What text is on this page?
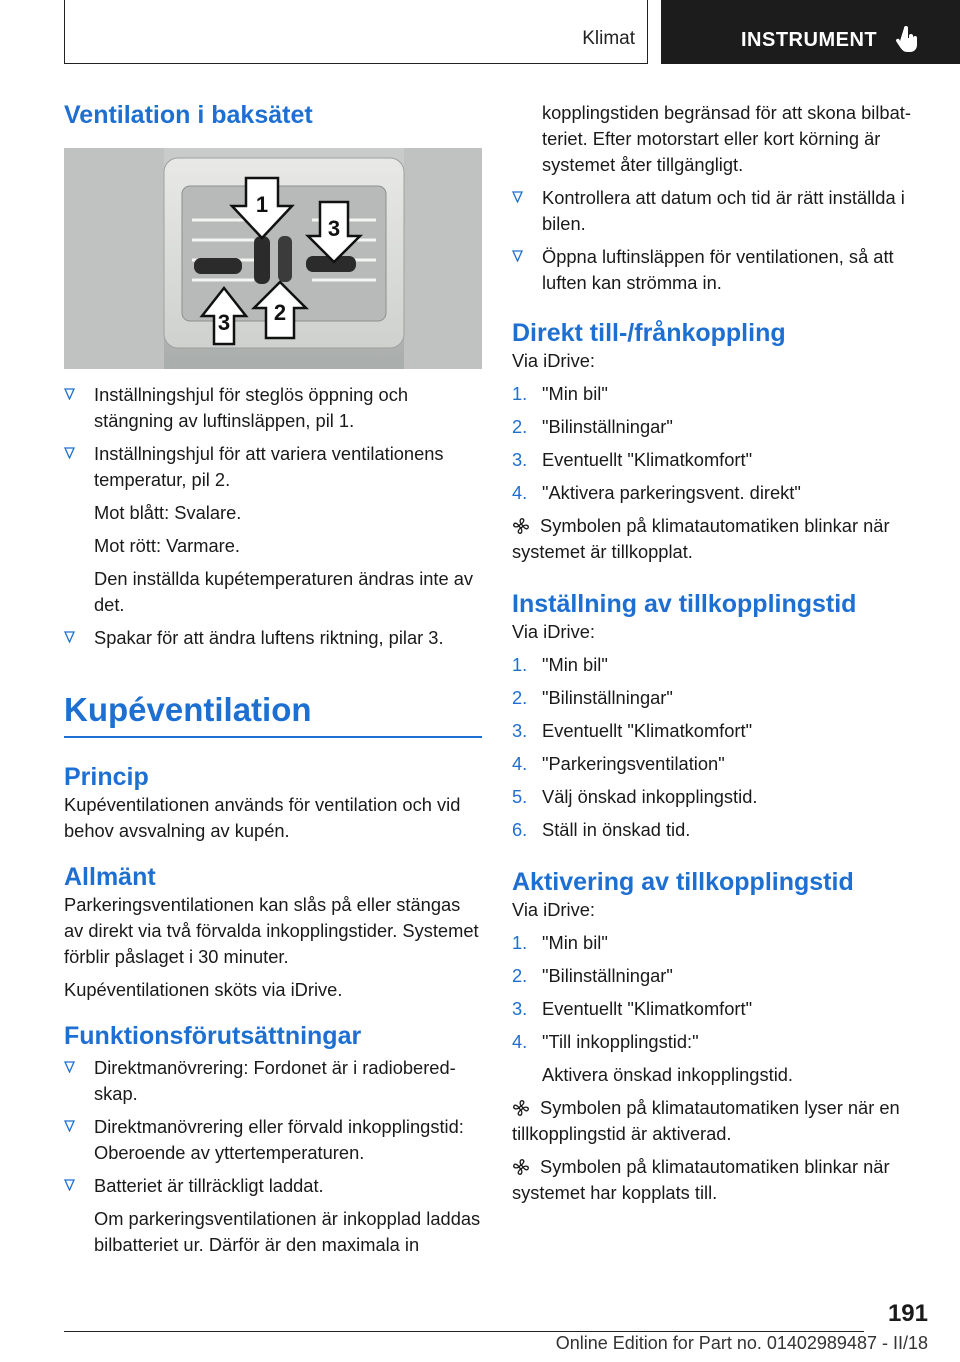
Klimat	INSTRUMENT
Ventilation i baksätet
1
3
3 2
Inställningshjul för steglös öppning och stängning av luftinsläppen, pil 1.
Inställningshjul för att variera ventilationens temperatur, pil 2.
Mot blått: Svalare.
Mot rött: Varmare.
Den inställda kupétemperaturen ändras inte av det.
Spakar för att ändra luftens riktning, pilar 3.
Kupéventilation
Princip
Kupéventilationen används för ventilation och vid behov avsvalning av kupén.
Allmänt
Parkeringsventilationen kan slås på eller stängas av direkt via två förvalda inkopplingstider. Systemet förblir påslaget i 30 minuter.
Kupéventilationen sköts via iDrive.
Funktionsförutsättningar
Direktmanövrering: Fordonet är i radioberedskap.
Direktmanövrering eller förvald inkopplingstid: Oberoende av yttertemperaturen.
Batteriet är tillräckligt laddat.
Om parkeringsventilationen är inkopplad laddas bilbatteriet ur. Därför är den maximala in
kopplingstiden begränsad för att skona bilbatteriet. Efter motorstart eller kort körning är systemet åter tillgängligt.
Kontrollera att datum och tid är rätt inställda i bilen.
Öppna luftinsläppen för ventilationen, så att luften kan strömma in.
Direkt till-/frånkoppling
Via iDrive:
1. "Min bil"
2. "Bilinställningar"
3. Eventuellt "Klimatkomfort"
4. "Aktivera parkeringsvent. direkt"
Symbolen på klimatautomatiken blinkar när systemet är tillkopplat.
Inställning av tillkopplingstid
Via iDrive:
1. "Min bil"
2. "Bilinställningar"
3. Eventuellt "Klimatkomfort"
4. "Parkeringsventilation"
5. Välj önskad inkopplingstid.
6. Ställ in önskad tid.
Aktivering av tillkopplingstid
Via iDrive:
1. "Min bil"
2. "Bilinställningar"
3. Eventuellt "Klimatkomfort"
4. "Till inkopplingstid:"
Aktivera önskad inkopplingstid.
Symbolen på klimatautomatiken lyser när en tillkopplingstid är aktiverad.
Symbolen på klimatautomatiken blinkar när systemet har kopplats till.
191
Online Edition for Part no. 01402989487 - II/18
